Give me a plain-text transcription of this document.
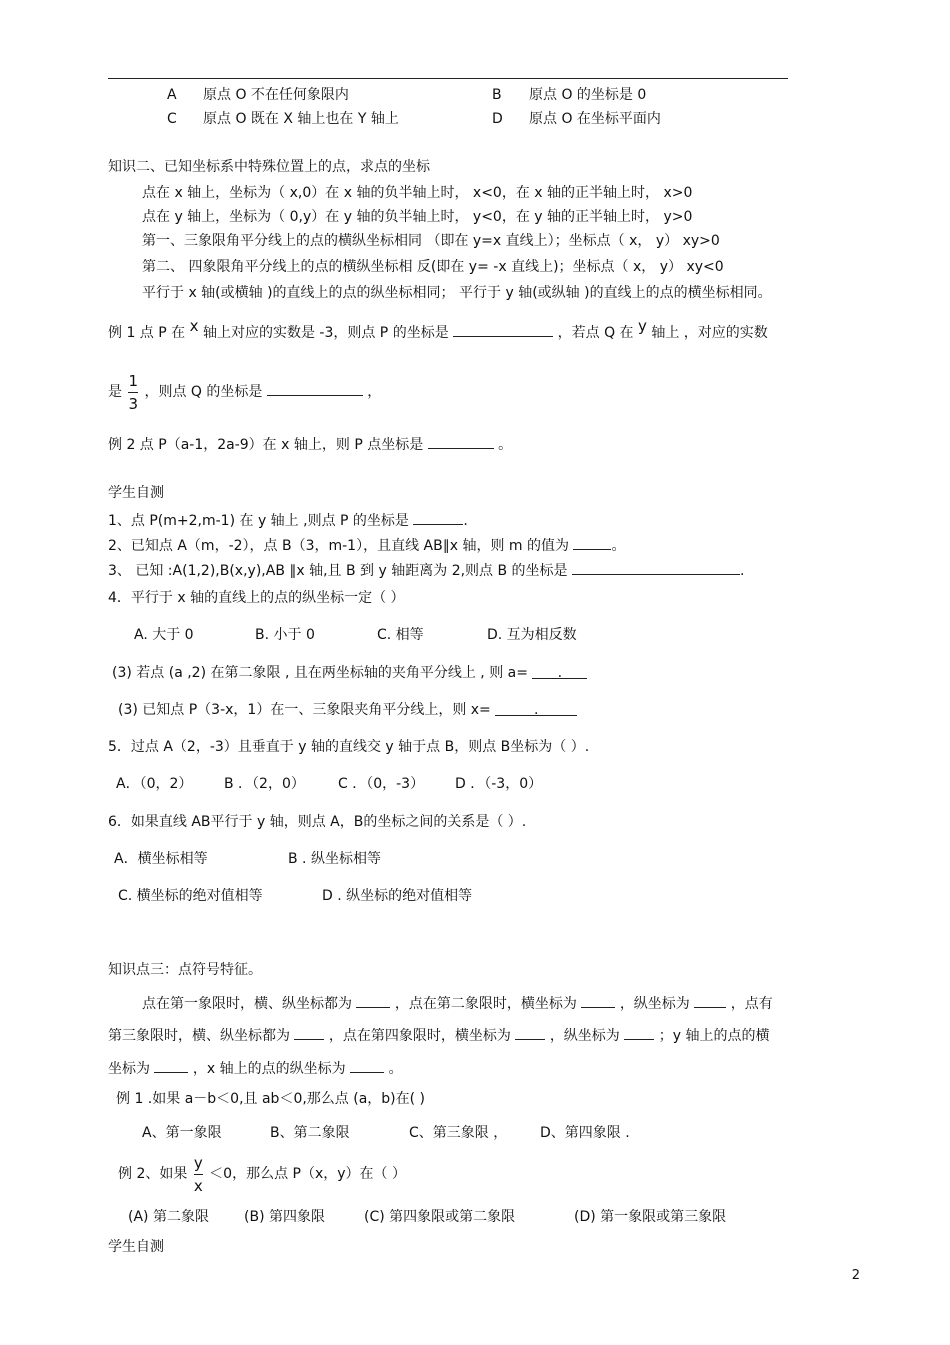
A 原点 O 不在任何象限内	B 原点 O 的坐标是 0
C 原点 O 既在 X 轴上也在 Y 轴上	D 原点 O 在坐标平面内
知识二、已知坐标系中特殊位置上的点，求点的坐标
点在 x 轴上，坐标为（ x,0）在 x 轴的负半轴上时， x<0，在 x 轴的正半轴上时， x>0
点在 y 轴上，坐标为（ 0,y）在 y 轴的负半轴上时， y<0，在 y 轴的正半轴上时， y>0
第一、三象限角平分线上的点的横纵坐标相同 （即在 y=x 直线上）；坐标点（ x， y） xy>0
第二、 四象限角平分线上的点的横纵坐标相 反(即在 y= -x 直线上)；坐标点（ x， y） xy<0
平行于 x 轴(或横轴 )的直线上的点的纵坐标相同； 平行于 y 轴(或纵轴 )的直线上的点的横坐标相同。
例 1 点 P 在 x 轴上对应的实数是 -3，则点 P 的坐标是	，若点 Q 在 y 轴上 ，对应的实数
是 $\frac{1}{3}$ ，则点 Q 的坐标是	，
例 2 点 P（a-1，2a-9）在 x 轴上，则 P 点坐标是	。
学生自测
1、点 P(m+2,m-1) 在 y 轴上 ,则点 P 的坐标是	.
2、已知点 A（m，-2），点 B（3，m-1），且直线 AB∥x 轴，则 m 的值为	。
3、 已知 :A(1,2),B(x,y),AB ∥x 轴,且 B 到 y 轴距离为 2,则点 B 的坐标是	.
4．平行于 x 轴的直线上的点的纵坐标一定（ ）
A. 大于 0	B. 小于 0	C. 相等	D. 互为相反数
(3) 若点 (a ,2) 在第二象限 , 且在两坐标轴的夹角平分线上 , 则 a= .
(3) 已知点 P（3-x，1）在一、三象限夹角平分线上，则 x=	.
5．过点 A（2，-3）且垂直于 y 轴的直线交 y 轴于点 B，则点 B坐标为（ ）.
A．（0，2） B ．（2，0） C ．（0，-3） D ．（-3，0）
6．如果直线 AB平行于 y 轴，则点 A，B的坐标之间的关系是（ ）.
A．横坐标相等	B . 纵坐标相等
C. 横坐标的绝对值相等	D . 纵坐标的绝对值相等
知识点三：点符号特征。
点在第一象限时，横、纵坐标都为	，点在第二象限时，横坐标为	，纵坐标为	，点有
第三象限时，横、纵坐标都为	，点在第四象限时，横坐标为	，纵坐标为	；y 轴上的点的横
坐标为	，x 轴上的点的纵坐标为	。
例 1 .如果 a－b＜0,且 ab＜0,那么点 (a，b)在( )
A、第一象限	B、第二象限	C、第三象限 ， D、第四象限 .
例 2、如果 $\frac{y}{x} <0$，那么点 P（x，y）在（ ）
(A) 第二象限	(B) 第四象限	(C) 第四象限或第二象限	(D) 第一象限或第三象限
学生自测
2
